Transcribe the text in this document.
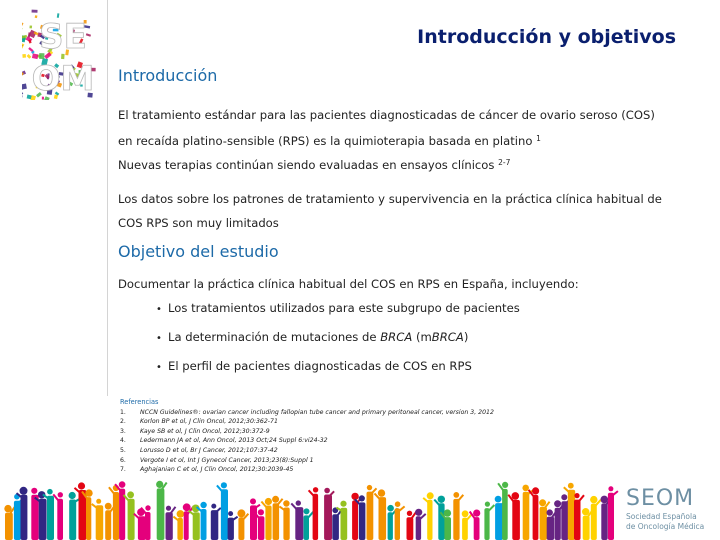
SE
OM
Introducción y objetivos
Introducción
El tratamiento estándar para las pacientes diagnosticadas de cáncer de ovario seroso (COS)
en recaída platino-sensible (RPS) es la quimioterapia basada en platino $^1$
Nuevas terapias continúan siendo evaluadas en ensayos clínicos $^{2-7}$
Los datos sobre los patrones de tratamiento y supervivencia en la práctica clínica habitual de
COS RPS son muy limitados
Objetivo del estudio
Documentar la práctica clínica habitual del COS en RPS en España, incluyendo:
• Los tratamientos utilizados para este subgrupo de pacientes
• La determinación de mutaciones de BRCA (mBRCA)
• El perfil de pacientes diagnosticadas de COS en RPS
Referencias
1. NCCN Guidelines®: ovarian cancer including fallopian tube cancer and primary peritoneal cancer, version 3, 2012
2. Korlon BP et ol, J Clin Oncol, 2012;30:362-71
3. Kaye SB et ol, J Clin Oncol, 2012;30:372-9
4. Ledermann JA et ol, Ann Oncol, 2013 Oct;24 Suppl 6:vi24-32
5. Lorusso D et ol, Br J Cancer, 2012;107:37-42
6. Vergote I et ol, Int J Gynecol Cancer, 2013;23(8):Suppl 1
7. Aghajanian C et ol, J Clin Oncol, 2012;30:2039-45
SEOM
Sociedad Española
de Oncología Médica
